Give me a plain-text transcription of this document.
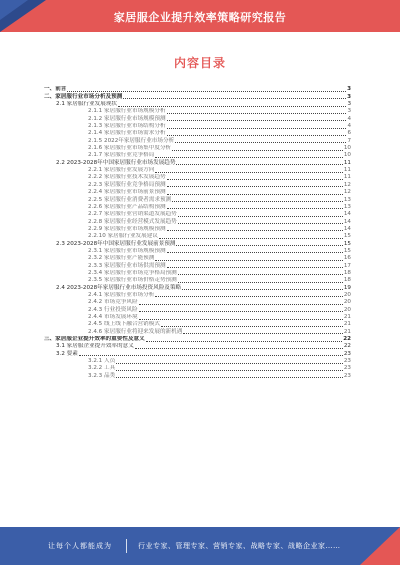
家居服企业提升效率策略研究报告
内容目录
一、前言	3
二、家居服行业市场分析及预测	3
2.1 家居服行业发展现状	3
2.1.1 家居服行业市场规模分析	3
2.1.2 家居服行业市场规模预测	4
2.1.3 家居服行业市场结构分析	4
2.1.4 家居服行业市场需求分析	6
2.1.5 2022年家居服行业市场分析	7
2.1.6 家居服行业市场集中度分析	10
2.1.7 家居服行业竞争格局	10
2.2 2023-2028年中国家居服行业市场发展趋势	11
2.2.1 家居服行业发展方向	11
2.2.2 家居服行业技术发展趋势	11
2.2.3 家居服行业竞争格局预测	12
2.2.4 家居服行业市场前景预测	12
2.2.5 家居服行业消费者需求预测	13
2.2.6 家居服行业产品结构预测	13
2.2.7 家居服行业营销渠道发展趋势	14
2.2.8 家居服行业经营模式发展趋势	14
2.2.9 家居服行业市场规模预测	14
2.2.10 家居服行业发展建议	15
2.3 2023-2028年中国家居服行业发展前景预测	15
2.3.1 家居服行业市场规模预测	15
2.3.2 家居服行业产能预测	16
2.3.3 家居服行业市场供需预测	17
2.3.4 家居服行业市场竞争格局预测	18
2.3.5 家居服行业市场价格走势预测	18
2.4 2023-2028年家居服行业市场投资风险及策略	19
2.4.1 家居服行业市场分析	20
2.4.2 市场竞争风险	20
2.4.3 行业投资风险	20
2.4.4 市场发展环境	21
2.4.5 线上线下融合营销模式	21
2.4.6 家居服行业将迎来发展的新机遇	21
三、家居服企业提升效率的重要性及意义	22
3.1 家居服企业提升效率的意义	22
3.2 要素	23
3.2.1 人员	23
3.2.2 工具	23
3.2.3 品类	23
让每个人都能成为	行业专家、管理专家、营销专家、战略专家、战略企业家……
